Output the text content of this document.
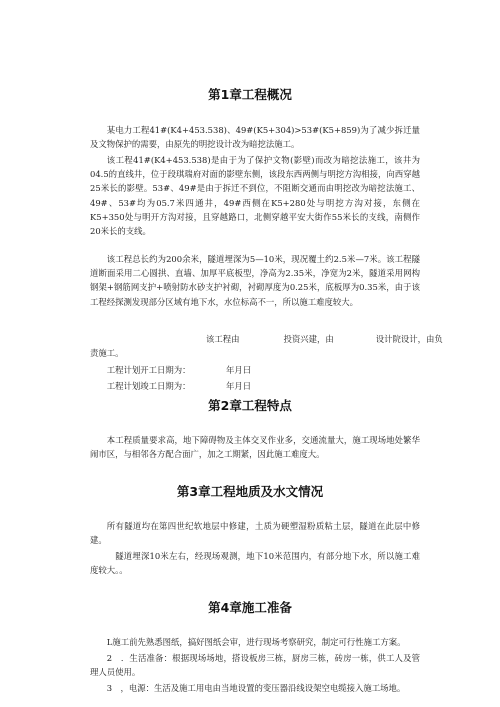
第1章工程概况

某电力工程41#(K4+453.538)、49#(K5+304)>53#(K5+859)为了减少拆迁量及文物保护的需要，由原先的明挖设计改为暗挖法施工。

该工程41#(K4+453.538)是由于为了保护文物(影壁)而改为暗挖法施工，该井为04.5的直线井，位于段琪瑞府对面的影壁东侧，该段东西两侧与明挖方沟相接，向西穿越25米长的影壁。53#、49#是由于拆迁不到位，不阻断交通而由明挖改为暗挖法施工、49#、53#均为05.7米四通井，49#西侧在K5+280处与明挖方沟对接，东侧在K5+350处与明开方沟对接，且穿越路口，北侧穿越平安大街作55米长的支线，南侧作20米长的支线。

该工程总长约为200余米，隧道埋深为5—10米，现况覆土约2.5米—7米。该工程隧道断面采用二心圆拱、直墙、加厚平底板型，净高为2.35米，净宽为2米，隧道采用网构钢架+钢筋网支护+喷射防水砂支护衬砌，衬砌厚度为0.25米，底板厚为0.35米，由于该工程经探测发现部分区域有地下水，水位标高不一，所以施工难度较大。

该工程由	投资兴建，由	设计院设计，由负
责施工。
工程计划开工日期为：	年月曰
工程计划竣工日期为：	年月日
第2章工程特点

本工程质量要求高，地下障碍物及主体交叉作业多，交通流量大，施工现场地处繁华闹市区，与相邻各方配合面广，加之工期紧，因此施工难度大。

第3章工程地质及水文情况

所有隧道均在第四世纪软地层中修建，土质为硬塑湿粉质粘土层，隧道在此层中修建。

隧道埋深10米左右，经现场观测，地下10米范围内，有部分地下水，所以施工难度较大。。

第4章施工准备

L施工前先熟悉图纸，搞好图纸会审，进行现场考察研究，制定可行性施工方案。

2　．生活准备：根据现场场地，搭设板房三栋，厨房三栋，砖房一栋，供工人及管理人员使用。

3　，电源：生活及施工用电由当地设置的变压器沿线设架空电缆接入施工场地。
